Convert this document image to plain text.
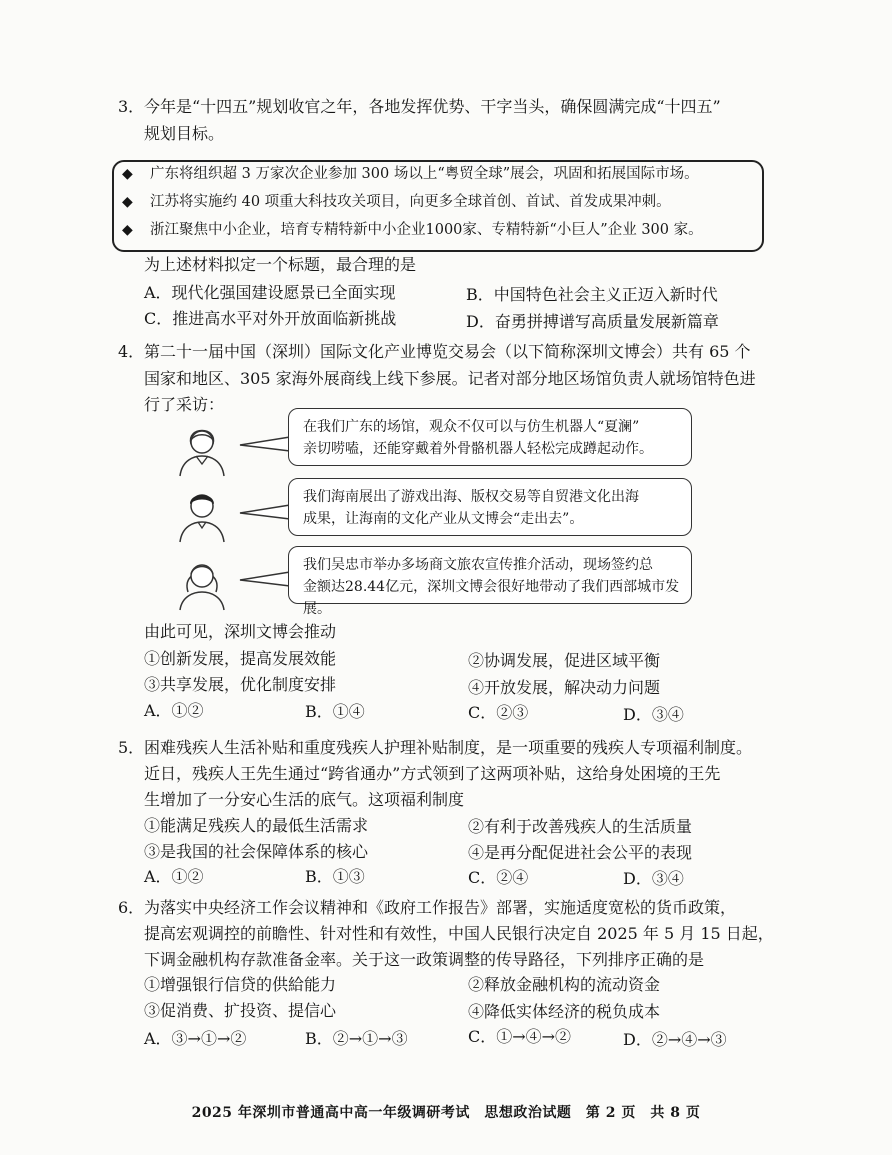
3． 今年是“十四五”规划收官之年，各地发挥优势、干字当头，确保圆满完成“十四五”
规划目标。
◆ 广东将组织超 3 万家次企业参加 300 场以上“粤贸全球”展会，巩固和拓展国际市场。
◆ 江苏将实施约 40 项重大科技攻关项目，向更多全球首创、首试、首发成果冲刺。
◆ 浙江聚焦中小企业，培育专精特新中小企业1000家、专精特新“小巨人”企业 300 家。
为上述材料拟定一个标题，最合理的是
A．现代化强国建设愿景已全面实现	B．中国特色社会主义正迈入新时代
C．推进高水平对外开放面临新挑战	D．奋勇拼搏谱写高质量发展新篇章
4． 第二十一届中国（深圳）国际文化产业博览交易会（以下简称深圳文博会）共有 65 个
国家和地区、305 家海外展商线上线下参展。记者对部分地区场馆负责人就场馆特色进
行了采访：
在我们广东的场馆，观众不仅可以与仿生机器人“夏澜”
亲切唠嗑，还能穿戴着外骨骼机器人轻松完成蹲起动作。
我们海南展出了游戏出海、版权交易等自贸港文化出海
成果，让海南的文化产业从文博会“走出去”。
我们吴忠市举办多场商文旅农宣传推介活动，现场签约总
金额达28.44亿元，深圳文博会很好地带动了我们西部城市发展。
由此可见，深圳文博会推动
①创新发展，提高发展效能	②协调发展，促进区域平衡
③共享发展，优化制度安排	④开放发展，解决动力问题
A．①②	B．①④	C．②③	D．③④
5． 困难残疾人生活补贴和重度残疾人护理补贴制度，是一项重要的残疾人专项福利制度。
近日，残疾人王先生通过“跨省通办”方式领到了这两项补贴，这给身处困境的王先
生增加了一分安心生活的底气。这项福利制度
①能满足残疾人的最低生活需求	②有利于改善残疾人的生活质量
③是我国的社会保障体系的核心	④是再分配促进社会公平的表现
A．①②	B．①③	C．②④	D．③④
6． 为落实中央经济工作会议精神和《政府工作报告》部署，实施适度宽松的货币政策，
提高宏观调控的前瞻性、针对性和有效性，中国人民银行决定自 2025 年 5 月 15 日起，
下调金融机构存款准备金率。关于这一政策调整的传导路径，下列排序正确的是
①增强银行信贷的供給能力	②释放金融机构的流动资金
③促消费、扩投资、提信心	④降低实体经济的税负成本
A．③→①→②	B．②→①→③	C．①→④→②	D．②→④→③
2025 年深圳市普通高中高一年级调研考试　思想政治试题　第 2 页　共 8 页
